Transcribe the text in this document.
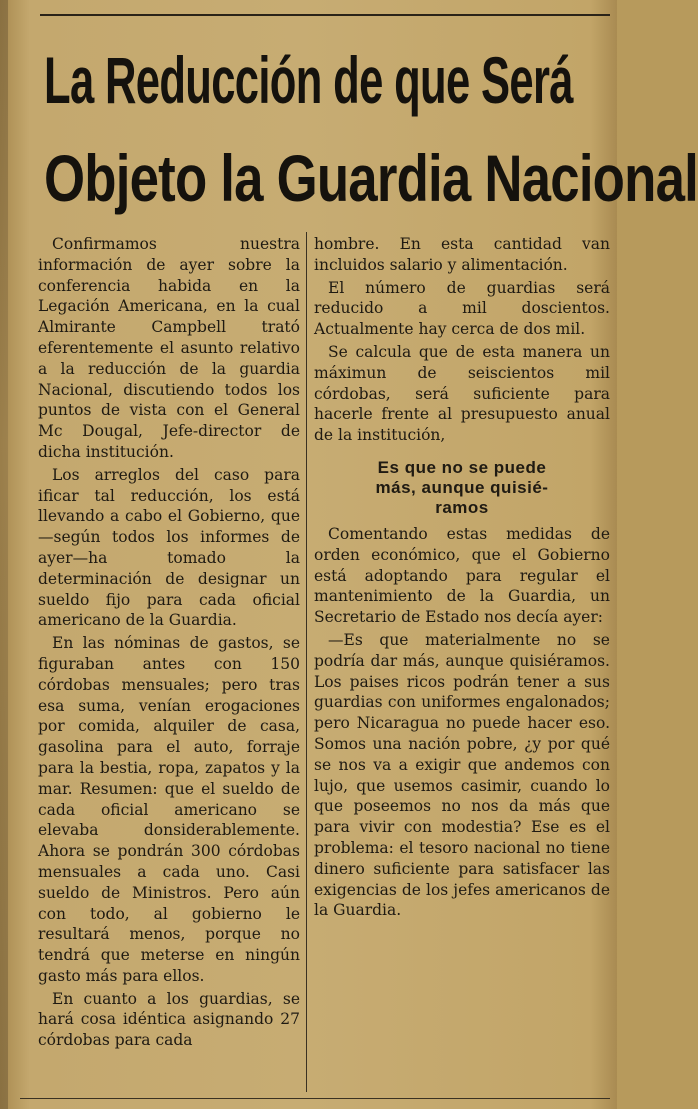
La Reducción de que Será
Objeto la Guardia Nacional

Confirmamos nuestra información de ayer sobre la conferencia habida en la Legación Americana, en la cual Almirante Campbell trató eferentemente el asunto relativo a la reducción de la guardia Nacional, discutiendo todos los puntos de vista con el General Mc Dougal, Jefe-director de dicha institución.

Los arreglos del caso para ificar tal reducción, los está llevando a cabo el Gobierno, que—según todos los informes de ayer—ha tomado la determinación de designar un sueldo fijo para cada oficial americano de la Guardia.

En las nóminas de gastos, se figuraban antes con 150 córdobas mensuales; pero tras esa suma, venían erogaciones por comida, alquiler de casa, gasolina para el auto, forraje para la bestia, ropa, zapatos y la mar. Resumen: que el sueldo de cada oficial americano se elevaba donsiderablemente. Ahora se pondrán 300 córdobas mensuales a cada uno. Casi sueldo de Ministros. Pero aún con todo, al gobierno le resultará menos, porque no tendrá que meterse en ningún gasto más para ellos.

En cuanto a los guardias, se hará cosa idéntica asignando 27 córdobas para cada

hombre. En esta cantidad van incluidos salario y alimentación.

El número de guardias será reducido a mil doscientos. Actualmente hay cerca de dos mil.

Se calcula que de esta manera un máximun de seiscientos mil córdobas, será suficiente para hacerle frente al presupuesto anual de la institución,

Es que no se puede
más, aunque quisié-
ramos

Comentando estas medidas de orden económico, que el Gobierno está adoptando para regular el mantenimiento de la Guardia, un Secretario de Estado nos decía ayer:

—Es que materialmente no se podría dar más, aunque quisiéramos. Los paises ricos podrán tener a sus guardias con uniformes engalonados; pero Nicaragua no puede hacer eso. Somos una nación pobre, ¿y por qué se nos va a exigir que andemos con lujo, que usemos casimir, cuando lo que poseemos no nos da más que para vivir con modestia? Ese es el problema: el tesoro nacional no tiene dinero suficiente para satisfacer las exigencias de los jefes americanos de la Guardia.
